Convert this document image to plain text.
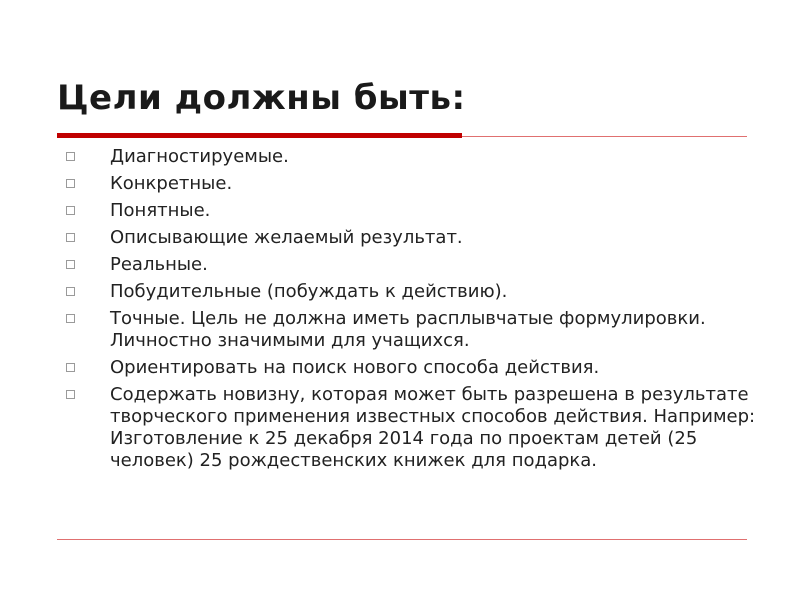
Цели должны быть:
Диагностируемые.
Конкретные.
Понятные.
Описывающие желаемый результат.
Реальные.
Побудительные (побуждать к действию).
Точные. Цель не должна иметь расплывчатые формулировки. Личностно значимыми для учащихся.
Ориентировать на поиск нового способа действия.
Содержать новизну, которая может быть разрешена в результате творческого применения известных способов действия. Например: Изготовление к 25 декабря 2014 года по проектам детей (25 человек) 25 рождественских книжек для подарка.
